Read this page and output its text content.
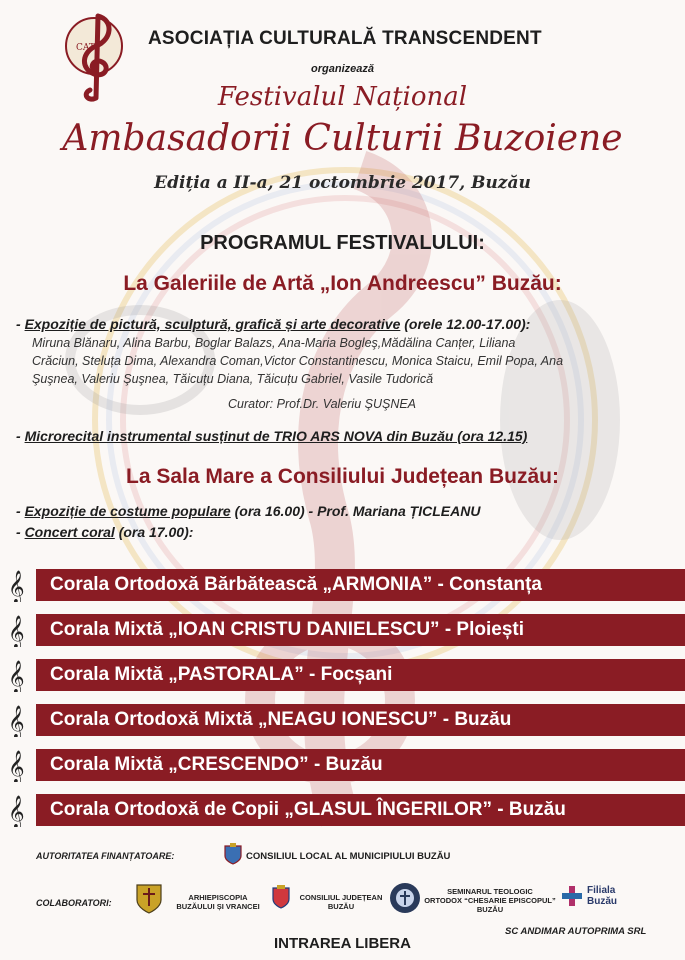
CAT	ASOCIAȚIA CULTURALĂ TRANSCENDENT
organizează
Festivalul Național
Ambasadorii Culturii Buzoiene
Ediția a II-a, 21 octombrie 2017, Buzău
PROGRAMUL FESTIVALULUI:
La Galeriile de Artă „Ion Andreescu” Buzău:
- Expoziție de pictură, sculptură, grafică și arte decorative (orele 12.00-17.00):
Miruna Blănaru, Alina Barbu, Boglar Balazs, Ana-Maria Bogleş,Mădălina Canțer, Liliana
Crăciun, Steluța Dima, Alexandra Coman,Victor Constantinescu, Monica Staicu, Emil Popa, Ana
Şuşnea, Valeriu Şuşnea, Tăicuțu Diana, Tăicuțu Gabriel, Vasile Tudorică
Curator: Prof.Dr. Valeriu ŞUŞNEA
- Microrecital instrumental susținut de TRIO ARS NOVA din Buzău (ora 12.15)
La Sala Mare a Consiliului Județean Buzău:
- Expoziție de costume populare (ora 16.00) - Prof. Mariana ȚICLEANU
- Concert coral (ora 17.00):
𝄞	Corala Ortodoxă Bărbătească „ARMONIA” - Constanța
𝄞	Corala Mixtă „IOAN CRISTU DANIELESCU” - Ploiești
𝄞	Corala Mixtă „PASTORALA” - Focșani
𝄞	Corala Ortodoxă Mixtă „NEAGU IONESCU” - Buzău
𝄞	Corala Mixtă „CRESCENDO” - Buzău
𝄞	Corala Ortodoxă de Copii „GLASUL ÎNGERILOR” - Buzău
AUTORITATEA FINANȚATOARE:	CONSILIUL LOCAL AL MUNICIPIULUI BUZĂU
COLABORATORI:
ARHIEPISCOPIA
BUZĂULUI ȘI VRANCEI
CONSILIUL JUDEȚEAN
BUZĂU
SEMINARUL TEOLOGIC
ORTODOX “CHESARIE EPISCOPUL”
BUZĂU
Filiala
Buzău
SC ANDIMAR AUTOPRIMA SRL
INTRAREA LIBERA
